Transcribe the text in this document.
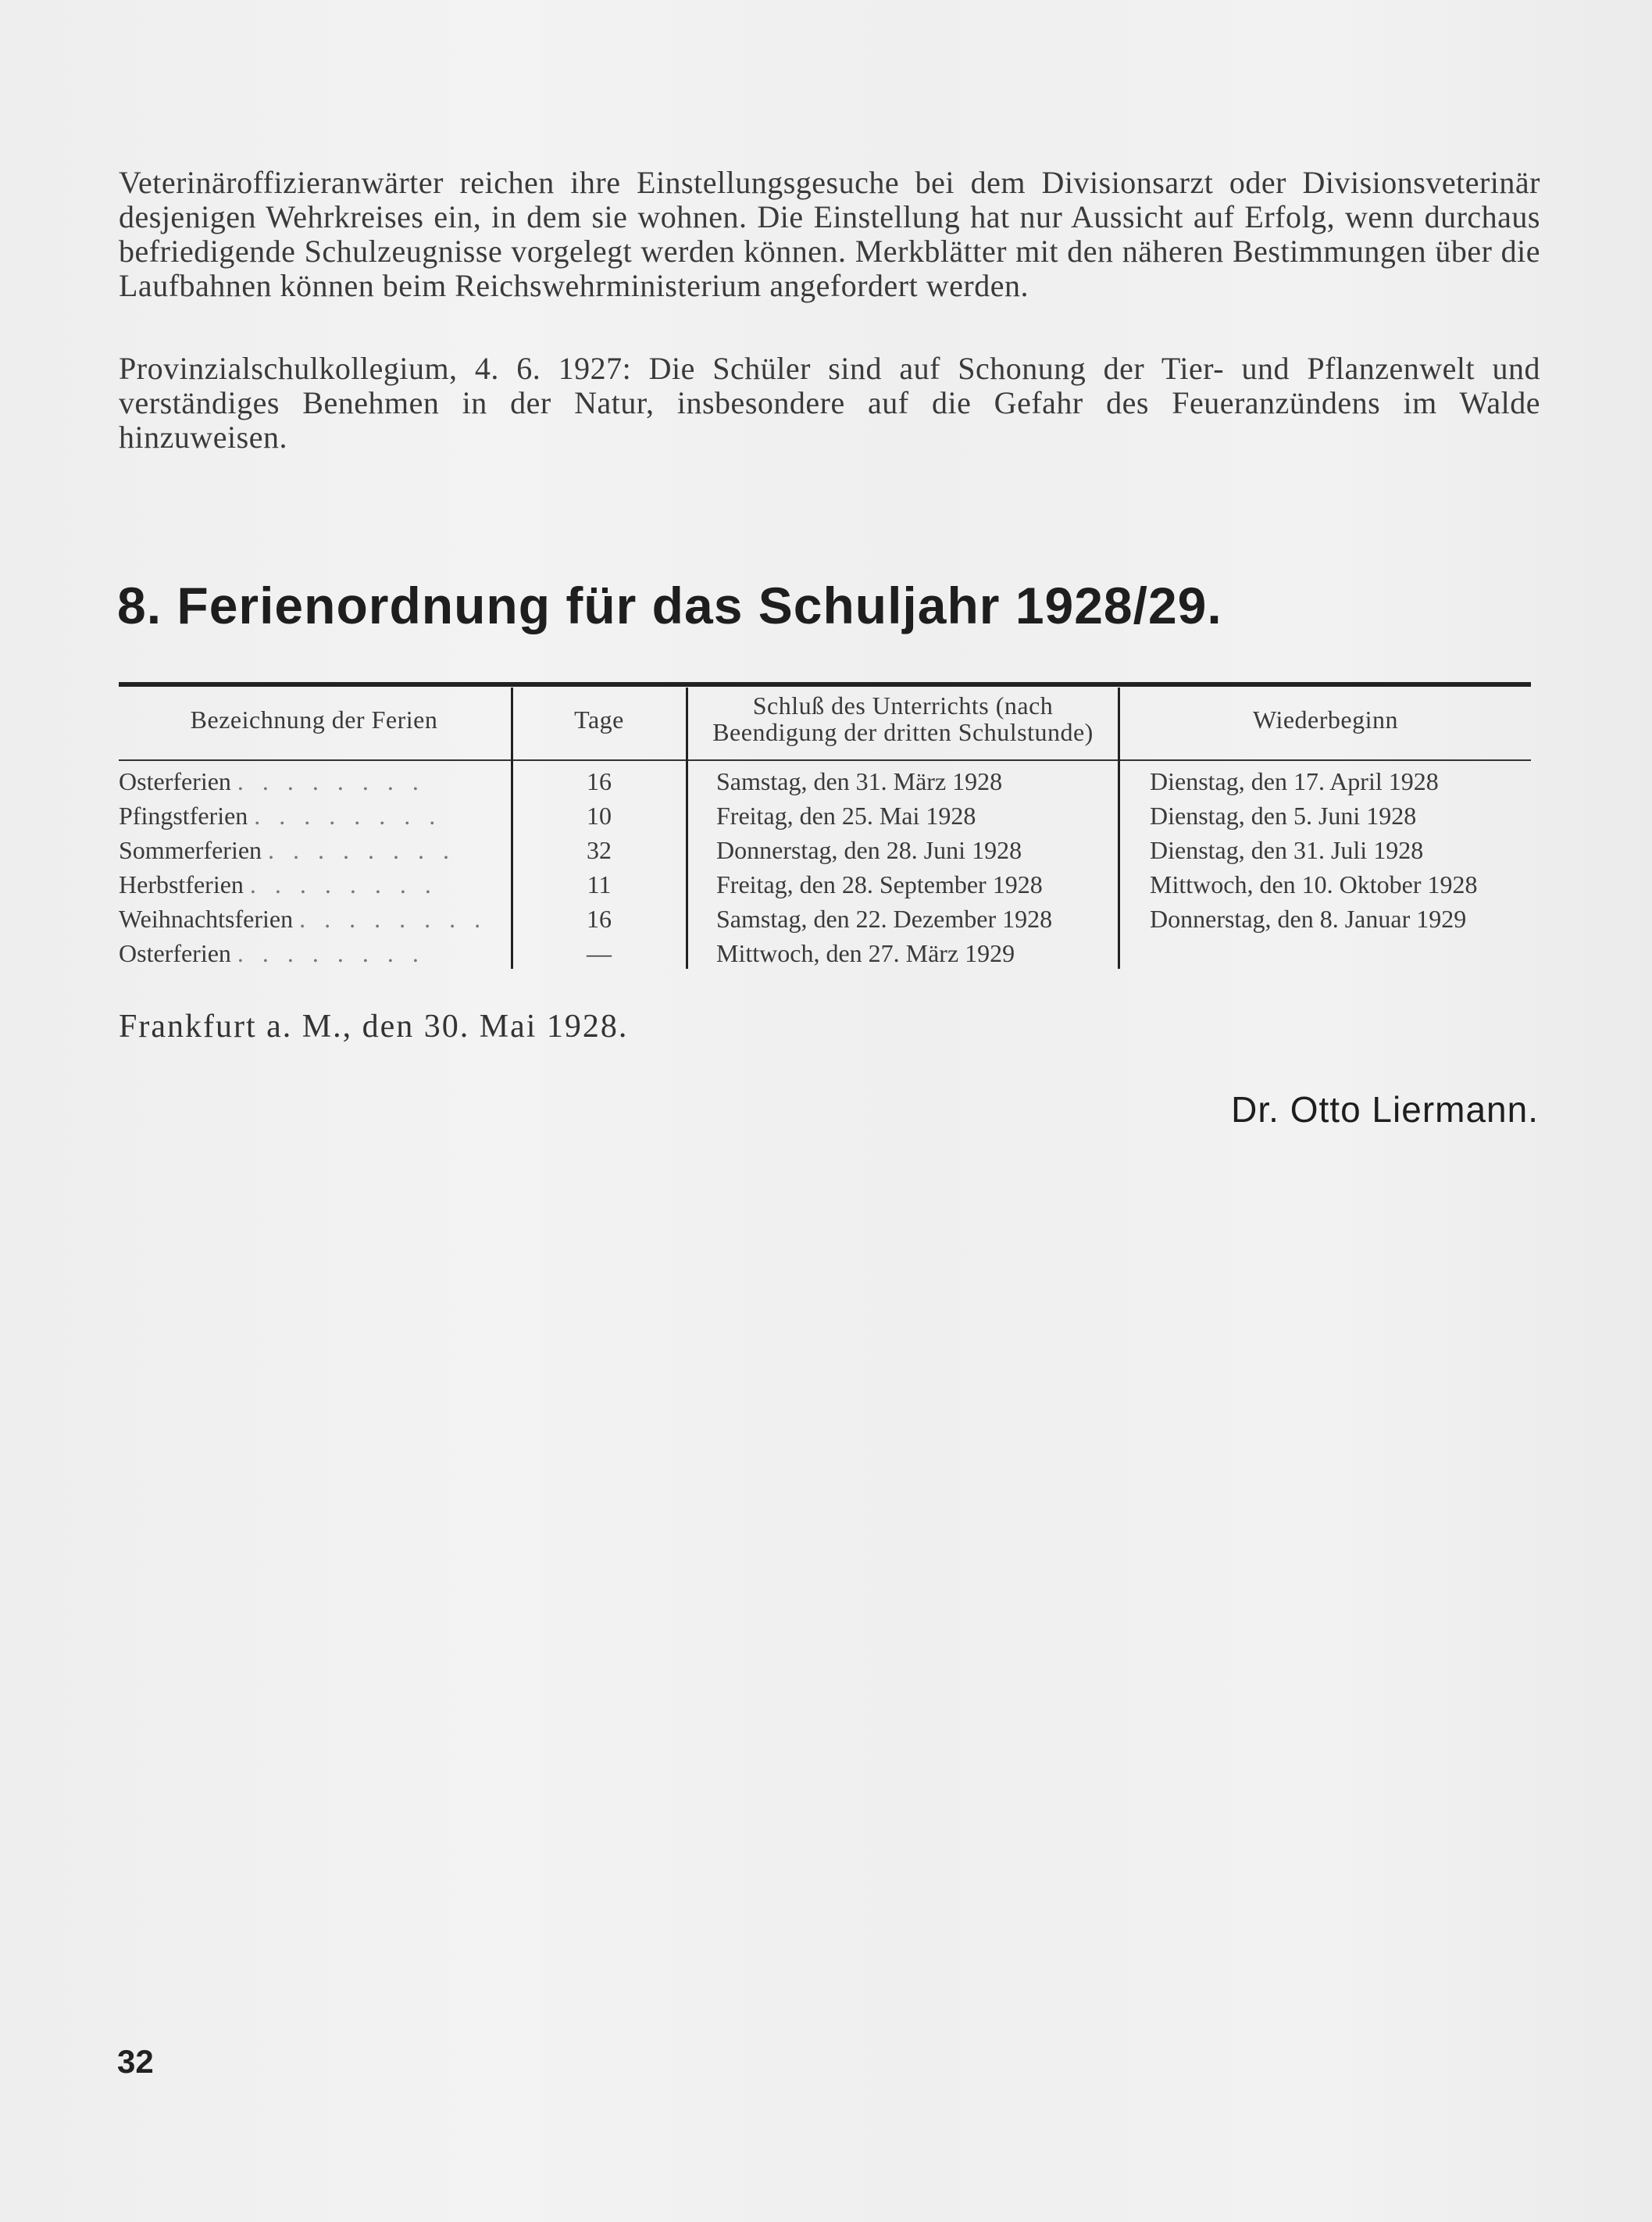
Veterinäroffizieranwärter reichen ihre Einstellungsgesuche bei dem Divisionsarzt oder Divisionsveterinär desjenigen Wehrkreises ein, in dem sie wohnen. Die Einstellung hat nur Aussicht auf Erfolg, wenn durchaus befriedigende Schulzeugnisse vorgelegt werden können. Merkblätter mit den näheren Bestimmungen über die Laufbahnen können beim Reichswehrministerium angefordert werden.

Provinzialschulkollegium, 4. 6. 1927: Die Schüler sind auf Schonung der Tier- und Pflanzenwelt und verständiges Benehmen in der Natur, insbesondere auf die Gefahr des Feueranzündens im Walde hinzuweisen.

8. Ferienordnung für das Schuljahr 1928/29.
Bezeichnung der Ferien	Tage	Schluß des Unterrichts (nach Beendigung der dritten Schulstunde)	Wiederbeginn
Osterferien . . . . . . . .	16	Samstag, den 31. März 1928	Dienstag, den 17. April 1928
Pfingstferien . . . . . . . .	10	Freitag, den 25. Mai 1928	Dienstag, den 5. Juni 1928
Sommerferien . . . . . . . .	32	Donnerstag, den 28. Juni 1928	Dienstag, den 31. Juli 1928
Herbstferien . . . . . . . .	11	Freitag, den 28. September 1928	Mittwoch, den 10. Oktober 1928
Weihnachtsferien . . . . . . . .	16	Samstag, den 22. Dezember 1928	Donnerstag, den 8. Januar 1929
Osterferien . . . . . . . .	—	Mittwoch, den 27. März 1929

Frankfurt a. M., den 30. Mai 1928.

Dr. Otto Liermann.

32
